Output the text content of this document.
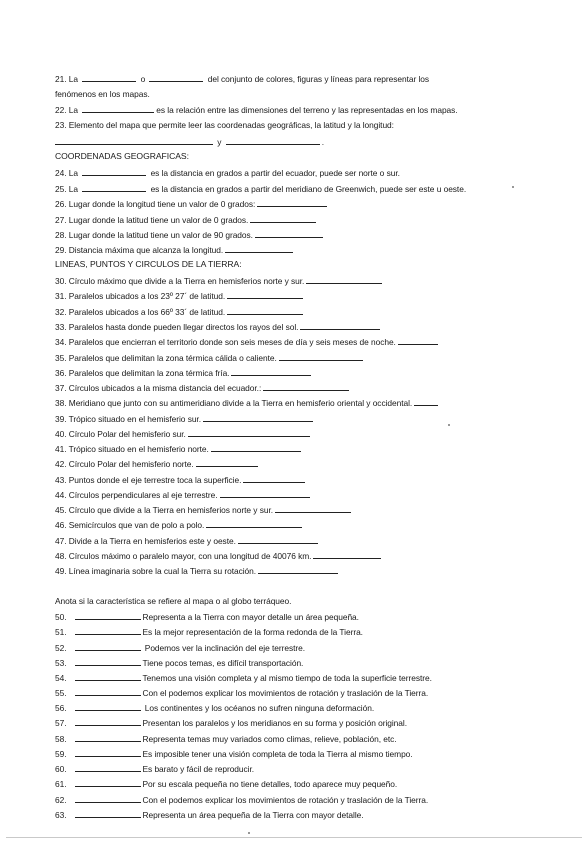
21. La	o	del conjunto de colores, figuras y líneas para representar los
fenómenos en los mapas.
22. La	es la relación entre las dimensiones del terreno y las representadas en los mapas.
23. Elemento del mapa que permite leer las coordenadas geográficas, la latitud y la longitud:
y	.
COORDENADAS GEOGRAFICAS:
24. La	es la distancia en grados a partir del ecuador, puede ser norte o sur.
25. La	es la distancia en grados a partir del meridiano de Greenwich, puede ser este u oeste.
26. Lugar donde la longitud tiene un valor de 0 grados:
27. Lugar donde la latitud tiene un valor de 0 grados.
28. Lugar donde la latitud tiene un valor de 90 grados.
29. Distancia máxima que alcanza la longitud.
LINEAS, PUNTOS Y CIRCULOS DE LA TIERRA:
30. Círculo máximo que divide a la Tierra en hemisferios norte y sur.
31. Paralelos ubicados a los 23º 27´ de latitud.
32. Paralelos ubicados a los 66º 33´ de latitud.
33. Paralelos hasta donde pueden llegar directos los rayos del sol.
34. Paralelos que encierran el territorio donde son seis meses de día y seis meses de noche.
35. Paralelos que delimitan la zona térmica cálida o caliente.
36. Paralelos que delimitan la zona térmica fría.
37. Círculos ubicados a la misma distancia del ecuador.:
38. Meridiano que junto con su antimeridiano divide a la Tierra en hemisferio oriental y occidental.
39. Trópico situado en el hemisferio sur.
40. Círculo Polar del hemisferio sur.
41. Trópico situado en el hemisferio norte.
42. Círculo Polar del hemisferio norte.
43. Puntos donde el eje terrestre toca la superficie.
44. Círculos perpendiculares al eje terrestre.
45. Círculo que divide a la Tierra en hemisferios norte y sur.
46. Semicírculos que van de polo a polo.
47. Divide a la Tierra en hemisferios este y oeste.
48. Círculos máximo o paralelo mayor, con una longitud de 40076 km.
49. Línea imaginaria sobre la cual la Tierra su rotación.
Anota si la característica se refiere al mapa o al globo terráqueo.
50.	Representa a la Tierra con mayor detalle un área pequeña.
51.	Es la mejor representación de la forma redonda de la Tierra.
52.	Podemos ver la inclinación del eje terrestre.
53.	Tiene pocos temas, es difícil transportación.
54.	Tenemos una visión completa y al mismo tiempo de toda la superficie terrestre.
55.	Con el podemos explicar los movimientos de rotación y traslación de la Tierra.
56.	Los continentes y los océanos no sufren ninguna deformación.
57.	Presentan los paralelos y los meridianos en su forma y posición original.
58.	Representa temas muy variados como climas, relieve, población, etc.
59.	Es imposible tener una visión completa de toda la Tierra al mismo tiempo.
60.	Es barato y fácil de reproducir.
61.	Por su escala pequeña no tiene detalles, todo aparece muy pequeño.
62.	Con el podemos explicar los movimientos de rotación y traslación de la Tierra.
63.	Representa un área pequeña de la Tierra con mayor detalle.
